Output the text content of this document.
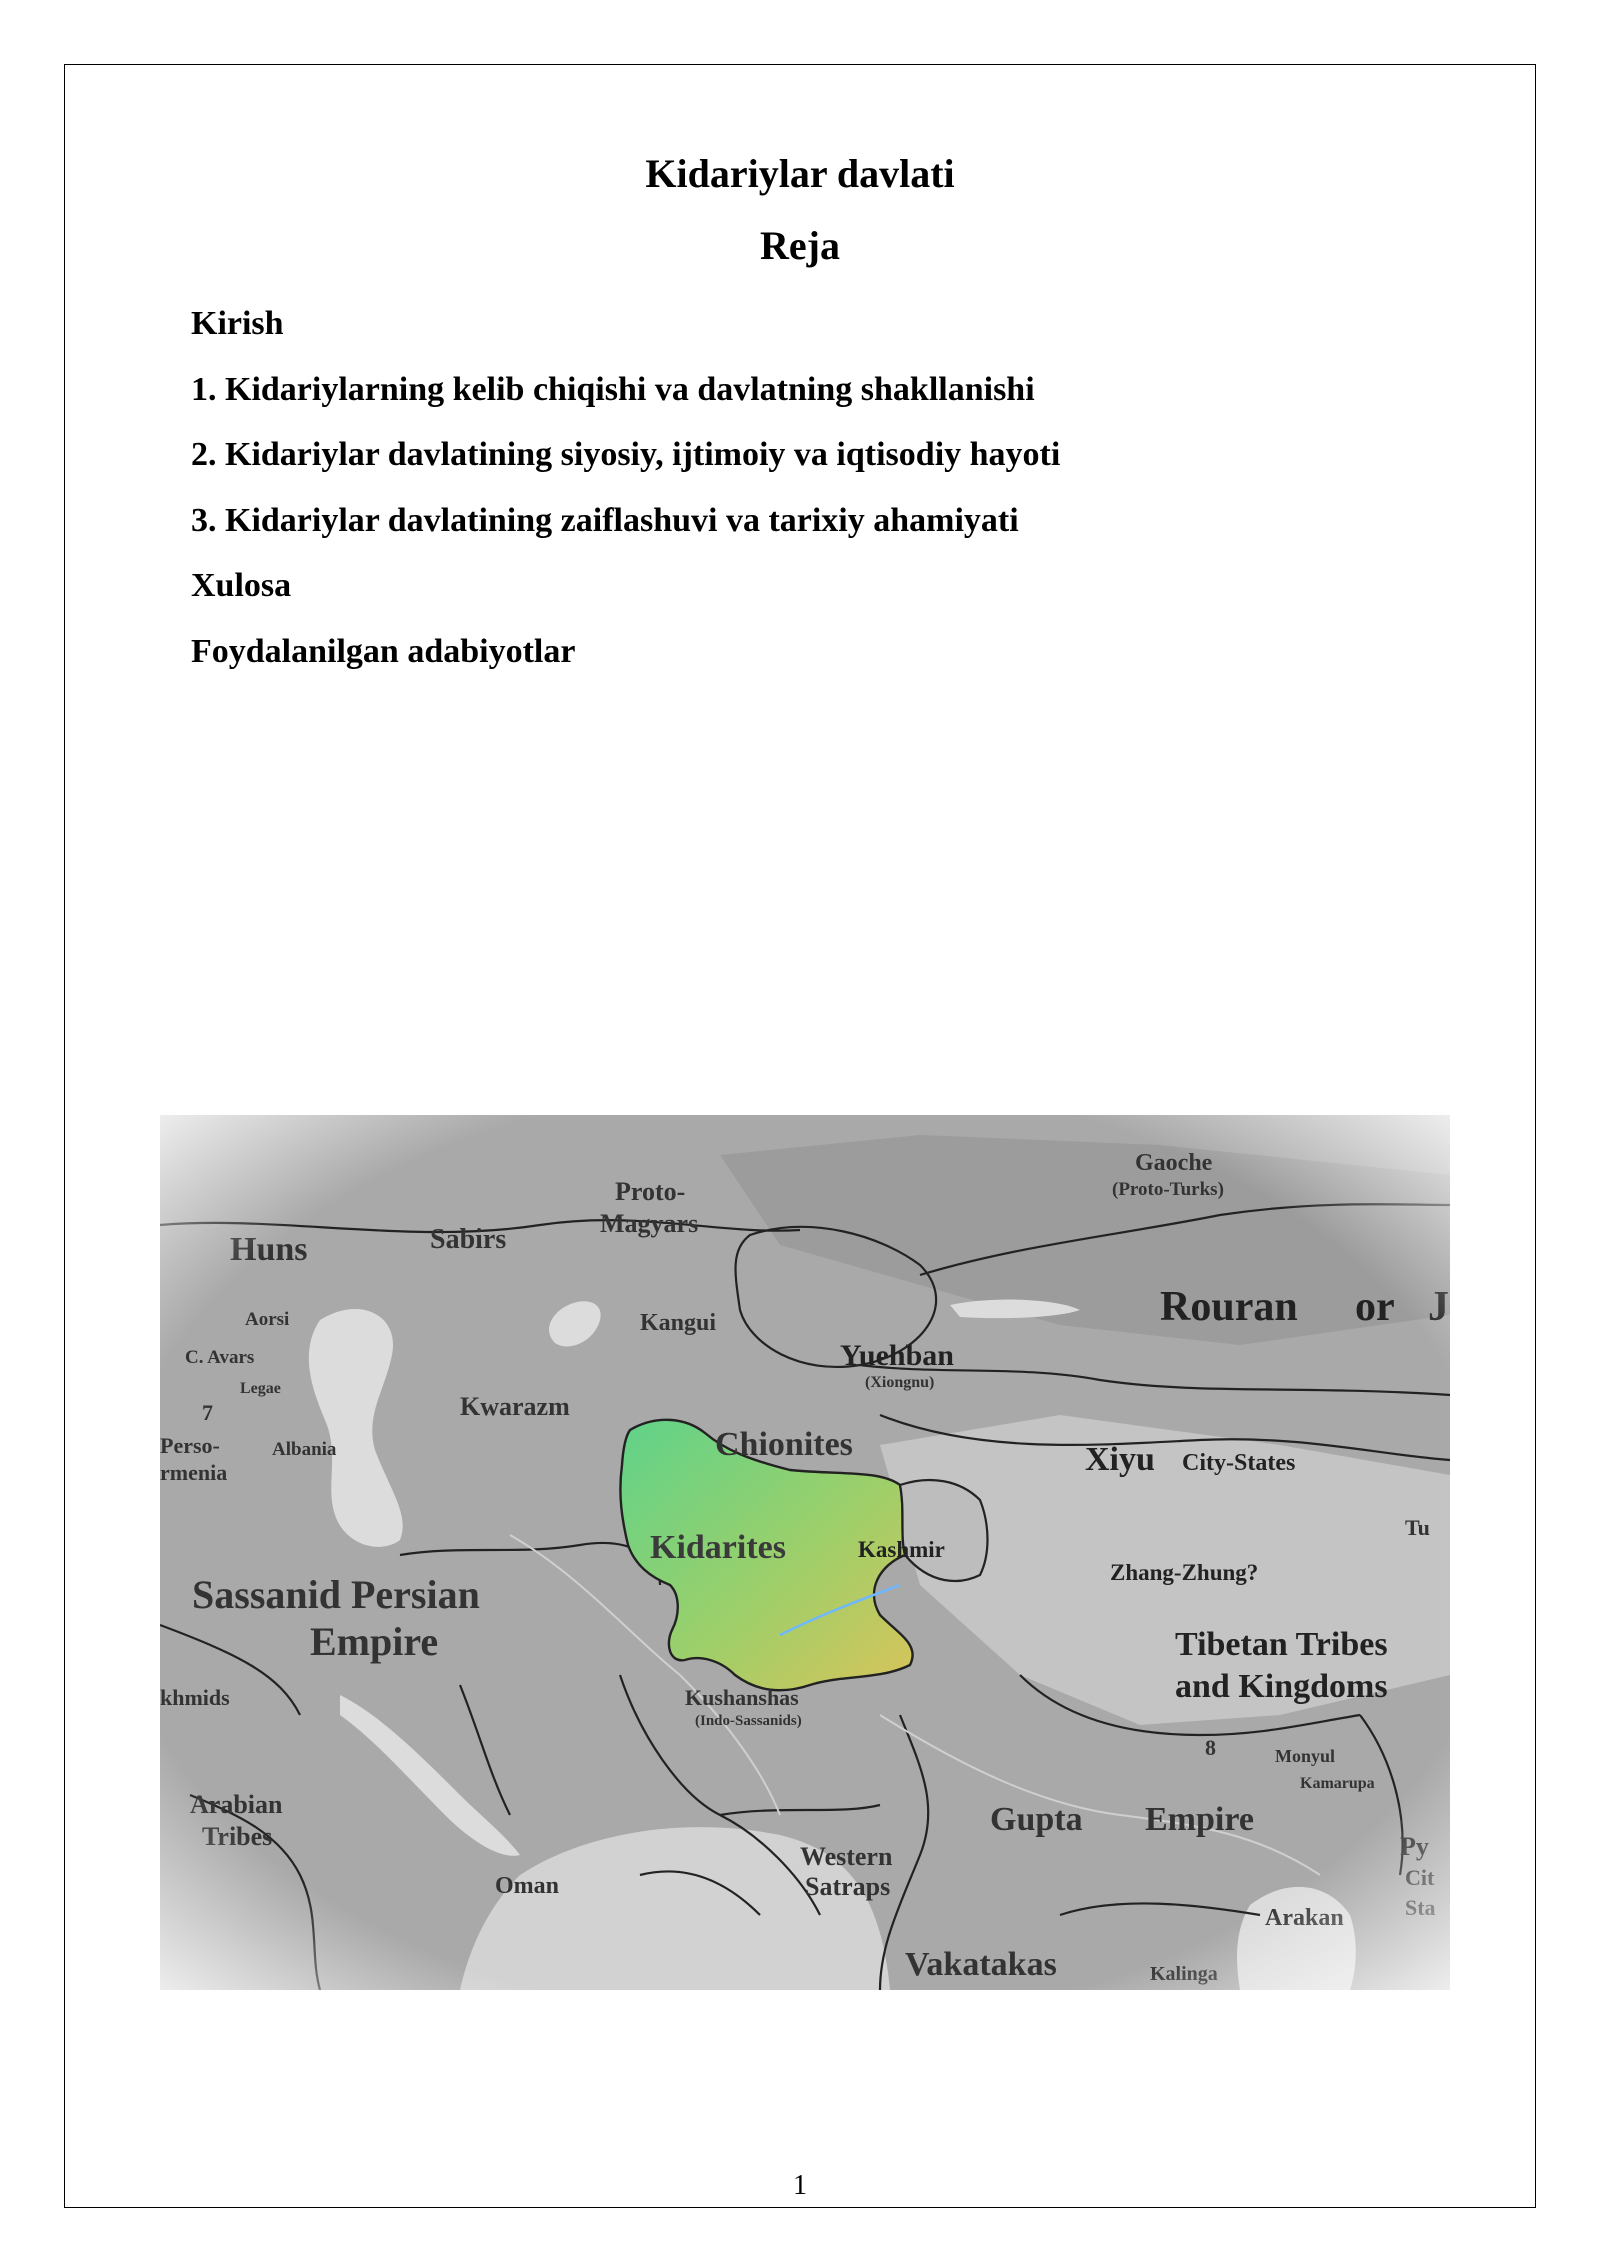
Kidariylar davlati
Reja
Kirish
1. Kidariylarning kelib chiqishi va davlatning shakllanishi
2. Kidariylar davlatining siyosiy, ijtimoiy va iqtisodiy hayoti
3. Kidariylar davlatining zaiflashuvi va tarixiy ahamiyati
Xulosa
Foydalanilgan adabiyotlar
1
